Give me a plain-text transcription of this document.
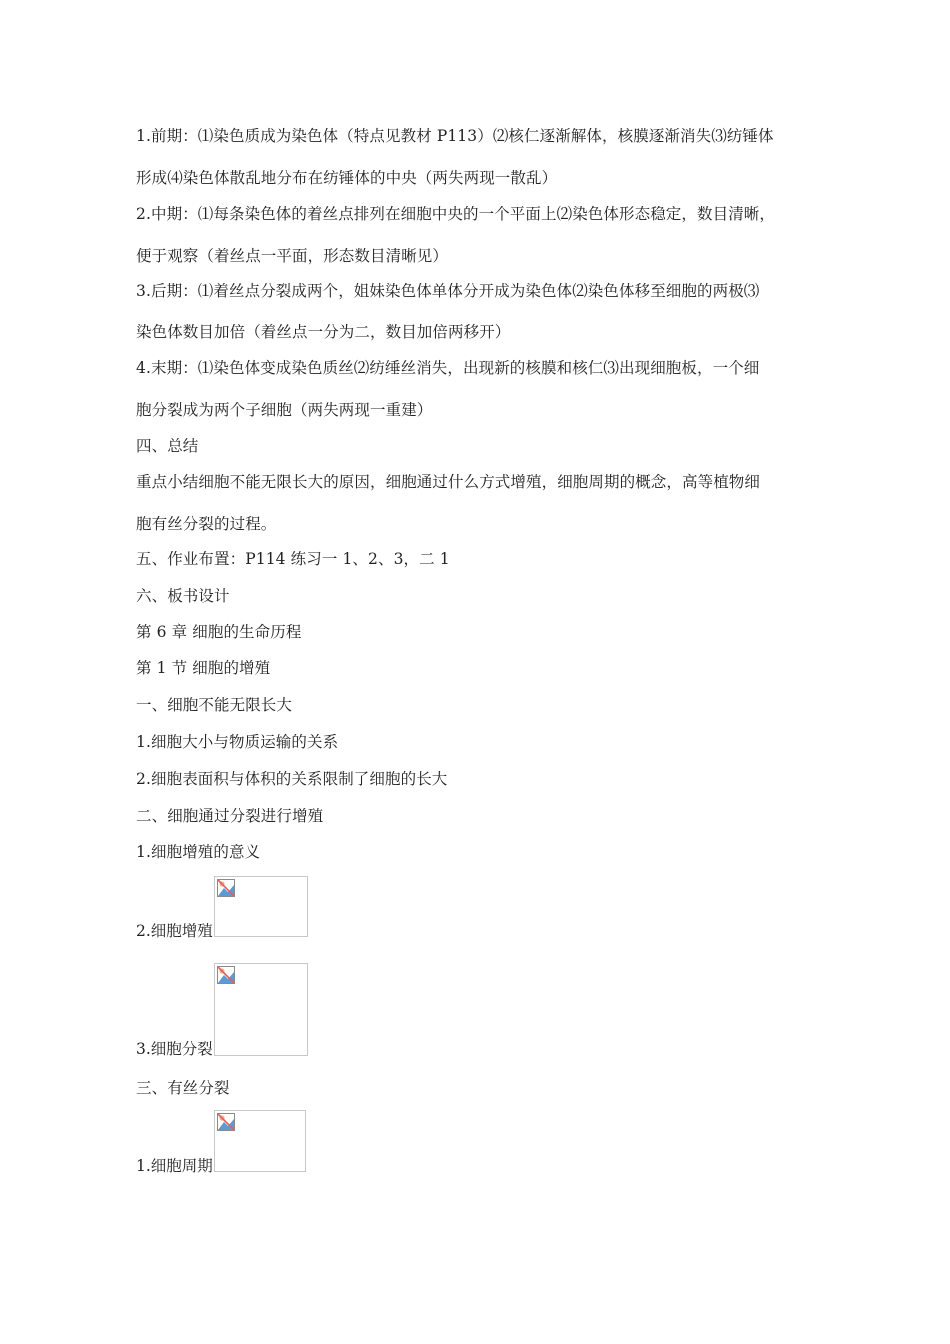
1.前期：⑴染色质成为染色体（特点见教材 P113）⑵核仁逐渐解体，核膜逐渐消失⑶纺锤体
形成⑷染色体散乱地分布在纺锤体的中央（两失两现一散乱）
2.中期：⑴每条染色体的着丝点排列在细胞中央的一个平面上⑵染色体形态稳定，数目清晰，
便于观察（着丝点一平面，形态数目清晰见）
3.后期：⑴着丝点分裂成两个，姐妹染色体单体分开成为染色体⑵染色体移至细胞的两极⑶
染色体数目加倍（着丝点一分为二，数目加倍两移开）
4.末期：⑴染色体变成染色质丝⑵纺缍丝消失，出现新的核膜和核仁⑶出现细胞板，一个细
胞分裂成为两个子细胞（两失两现一重建）
四、总结
重点小结细胞不能无限长大的原因，细胞通过什么方式增殖，细胞周期的概念，高等植物细
胞有丝分裂的过程。
五、作业布置：P114 练习一 1、2、3，二 1
六、板书设计
第 6 章 细胞的生命历程
第 1 节 细胞的增殖
一、细胞不能无限长大
1.细胞大小与物质运输的关系
2.细胞表面积与体积的关系限制了细胞的长大
二、细胞通过分裂进行增殖
1.细胞增殖的意义
2.细胞增殖
3.细胞分裂
三、有丝分裂
1.细胞周期
